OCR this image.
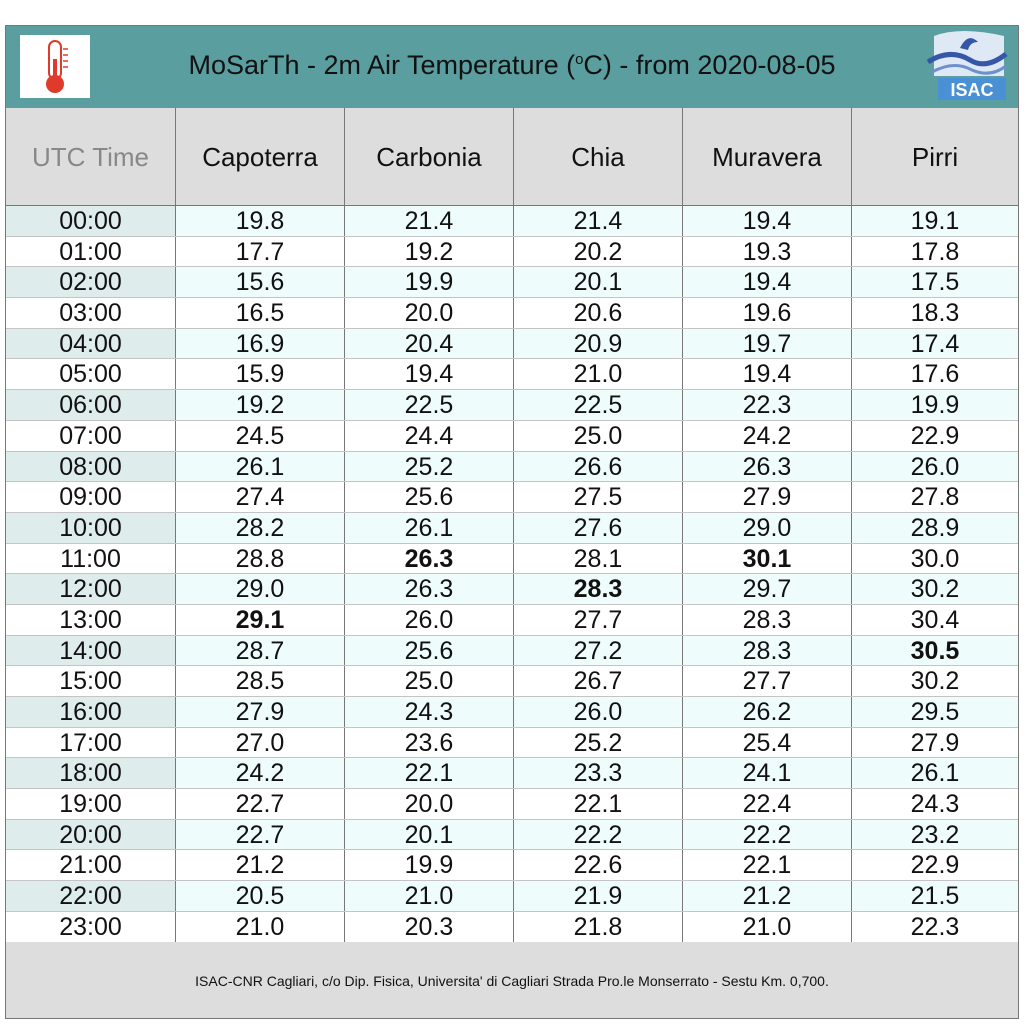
MoSarTh - 2m Air Temperature ($^o$C) - from 2020-08-05
ISAC
UTC Time	Capoterra	Carbonia	Chia	Muravera	Pirri
00:00	19.8	21.4	21.4	19.4	19.1
01:00	17.7	19.2	20.2	19.3	17.8
02:00	15.6	19.9	20.1	19.4	17.5
03:00	16.5	20.0	20.6	19.6	18.3
04:00	16.9	20.4	20.9	19.7	17.4
05:00	15.9	19.4	21.0	19.4	17.6
06:00	19.2	22.5	22.5	22.3	19.9
07:00	24.5	24.4	25.0	24.2	22.9
08:00	26.1	25.2	26.6	26.3	26.0
09:00	27.4	25.6	27.5	27.9	27.8
10:00	28.2	26.1	27.6	29.0	28.9
11:00	28.8	26.3	28.1	30.1	30.0
12:00	29.0	26.3	28.3	29.7	30.2
13:00	29.1	26.0	27.7	28.3	30.4
14:00	28.7	25.6	27.2	28.3	30.5
15:00	28.5	25.0	26.7	27.7	30.2
16:00	27.9	24.3	26.0	26.2	29.5
17:00	27.0	23.6	25.2	25.4	27.9
18:00	24.2	22.1	23.3	24.1	26.1
19:00	22.7	20.0	22.1	22.4	24.3
20:00	22.7	20.1	22.2	22.2	23.2
21:00	21.2	19.9	22.6	22.1	22.9
22:00	20.5	21.0	21.9	21.2	21.5
23:00	21.0	20.3	21.8	21.0	22.3
ISAC-CNR Cagliari, c/o Dip. Fisica, Universita' di Cagliari Strada Pro.le Monserrato - Sestu Km. 0,700.
